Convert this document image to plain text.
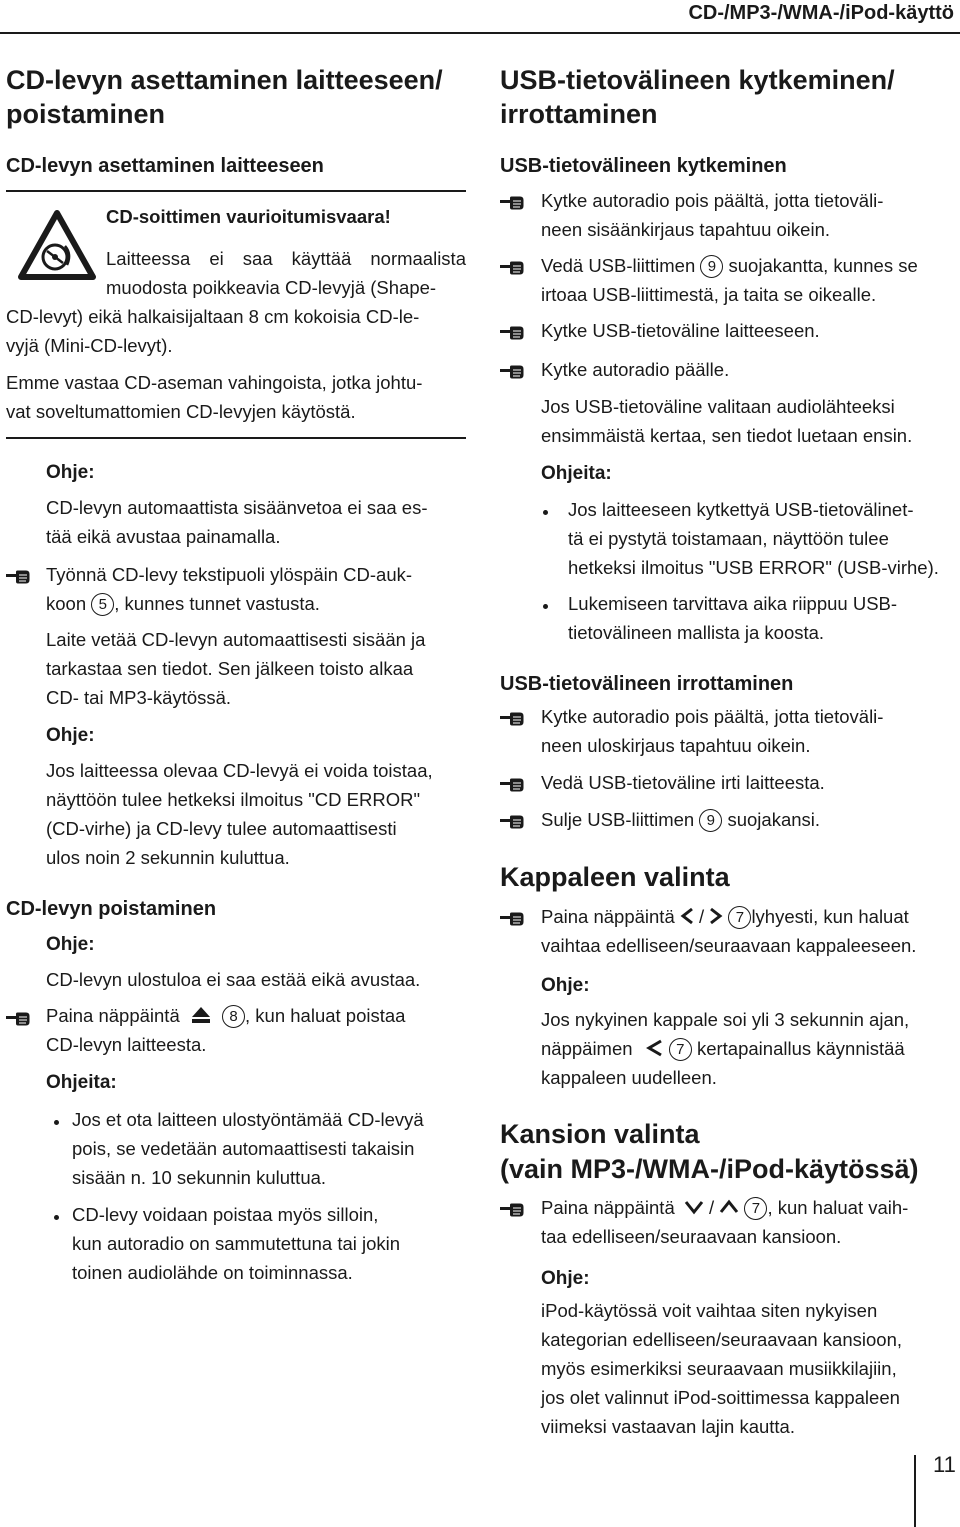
CD-/MP3-/WMA-/iPod-käyttö

CD-levyn asettaminen laitteeseen/

poistaminen

CD-levyn asettaminen laitteeseen

CD-soittimen vaurioitumisvaara!

Laitteessa ei saa käyttää normaalista

muodosta poikkeavia CD-levyjä (Shape-

CD-levyt) eikä halkaisijaltaan 8 cm kokoisia CD-le-

vyjä (Mini-CD-levyt).

Emme vastaa CD-aseman vahingoista, jotka johtu-

vat soveltumattomien CD-levyjen käytöstä.

Ohje:

CD-levyn automaattista sisäänvetoa ei saa es-

tää eikä avustaa painamalla.

Työnnä CD-levy tekstipuoli ylöspäin CD-auk-

koon 5 , kunnes tunnet vastusta.

Laite vetää CD-levyn automaattisesti sisään ja

tarkastaa sen tiedot. Sen jälkeen toisto alkaa

CD- tai MP3-käytössä.

Ohje:

Jos laitteessa olevaa CD-levyä ei voida toistaa,

näyttöön tulee hetkeksi ilmoitus "CD ERROR"

(CD-virhe) ja CD-levy tulee automaattisesti

ulos noin 2 sekunnin kuluttua.

CD-levyn poistaminen

Ohje:

CD-levyn ulostuloa ei saa estää eikä avustaa.

Paina näppäintä	8 , kun haluat poistaa

CD-levyn laitteesta.

Ohjeita:

Jos et ota laitteen ulostyöntämää CD-levyä

pois, se vedetään automaattisesti takaisin

sisään n. 10 sekunnin kuluttua.

CD-levy voidaan poistaa myös silloin,

kun autoradio on sammutettuna tai jokin

toinen audiolähde on toiminnassa.

USB-tietovälineen kytkeminen/

irrottaminen

USB-tietovälineen kytkeminen

Kytke autoradio pois päältä, jotta tietoväli-

neen sisäänkirjaus tapahtuu oikein.

Vedä USB-liittimen 9 suojakantta, kunnes se

irtoaa USB-liittimestä, ja taita se oikealle.

Kytke USB-tietoväline laitteeseen.

Kytke autoradio päälle.

Jos USB-tietoväline valitaan audiolähteeksi

ensimmäistä kertaa, sen tiedot luetaan ensin.

Ohjeita:

Jos laitteeseen kytkettyä USB-tietovälinet-

tä ei pystytä toistamaan, näyttöön tulee

hetkeksi ilmoitus "USB ERROR" (USB-virhe).

Lukemiseen tarvittava aika riippuu USB-

tietovälineen mallista ja koosta.

USB-tietovälineen irrottaminen

Kytke autoradio pois päältä, jotta tietoväli-

neen uloskirjaus tapahtuu oikein.

Vedä USB-tietoväline irti laitteesta.

Sulje USB-liittimen 9 suojakansi.

Kappaleen valinta

Paina näppäintä / 7 lyhyesti, kun haluat

vaihtaa edelliseen/seuraavaan kappaleeseen.

Ohje:

Jos nykyinen kappale soi yli 3 sekunnin ajan,

näppäimen	7 kertapainallus käynnistää

kappaleen uudelleen.

Kansion valinta

(vain MP3-/WMA-/iPod-käytössä)

Paina näppäintä /	7 , kun haluat vaih-

taa edelliseen/seuraavaan kansioon.

Ohje:

iPod-käytössä voit vaihtaa siten nykyisen

kategorian edelliseen/seuraavaan kansioon,

myös esimerkiksi seuraavaan musiikkilajiin,

jos olet valinnut iPod-soittimessa kappaleen

viimeksi vastaavan lajin kautta.

11
